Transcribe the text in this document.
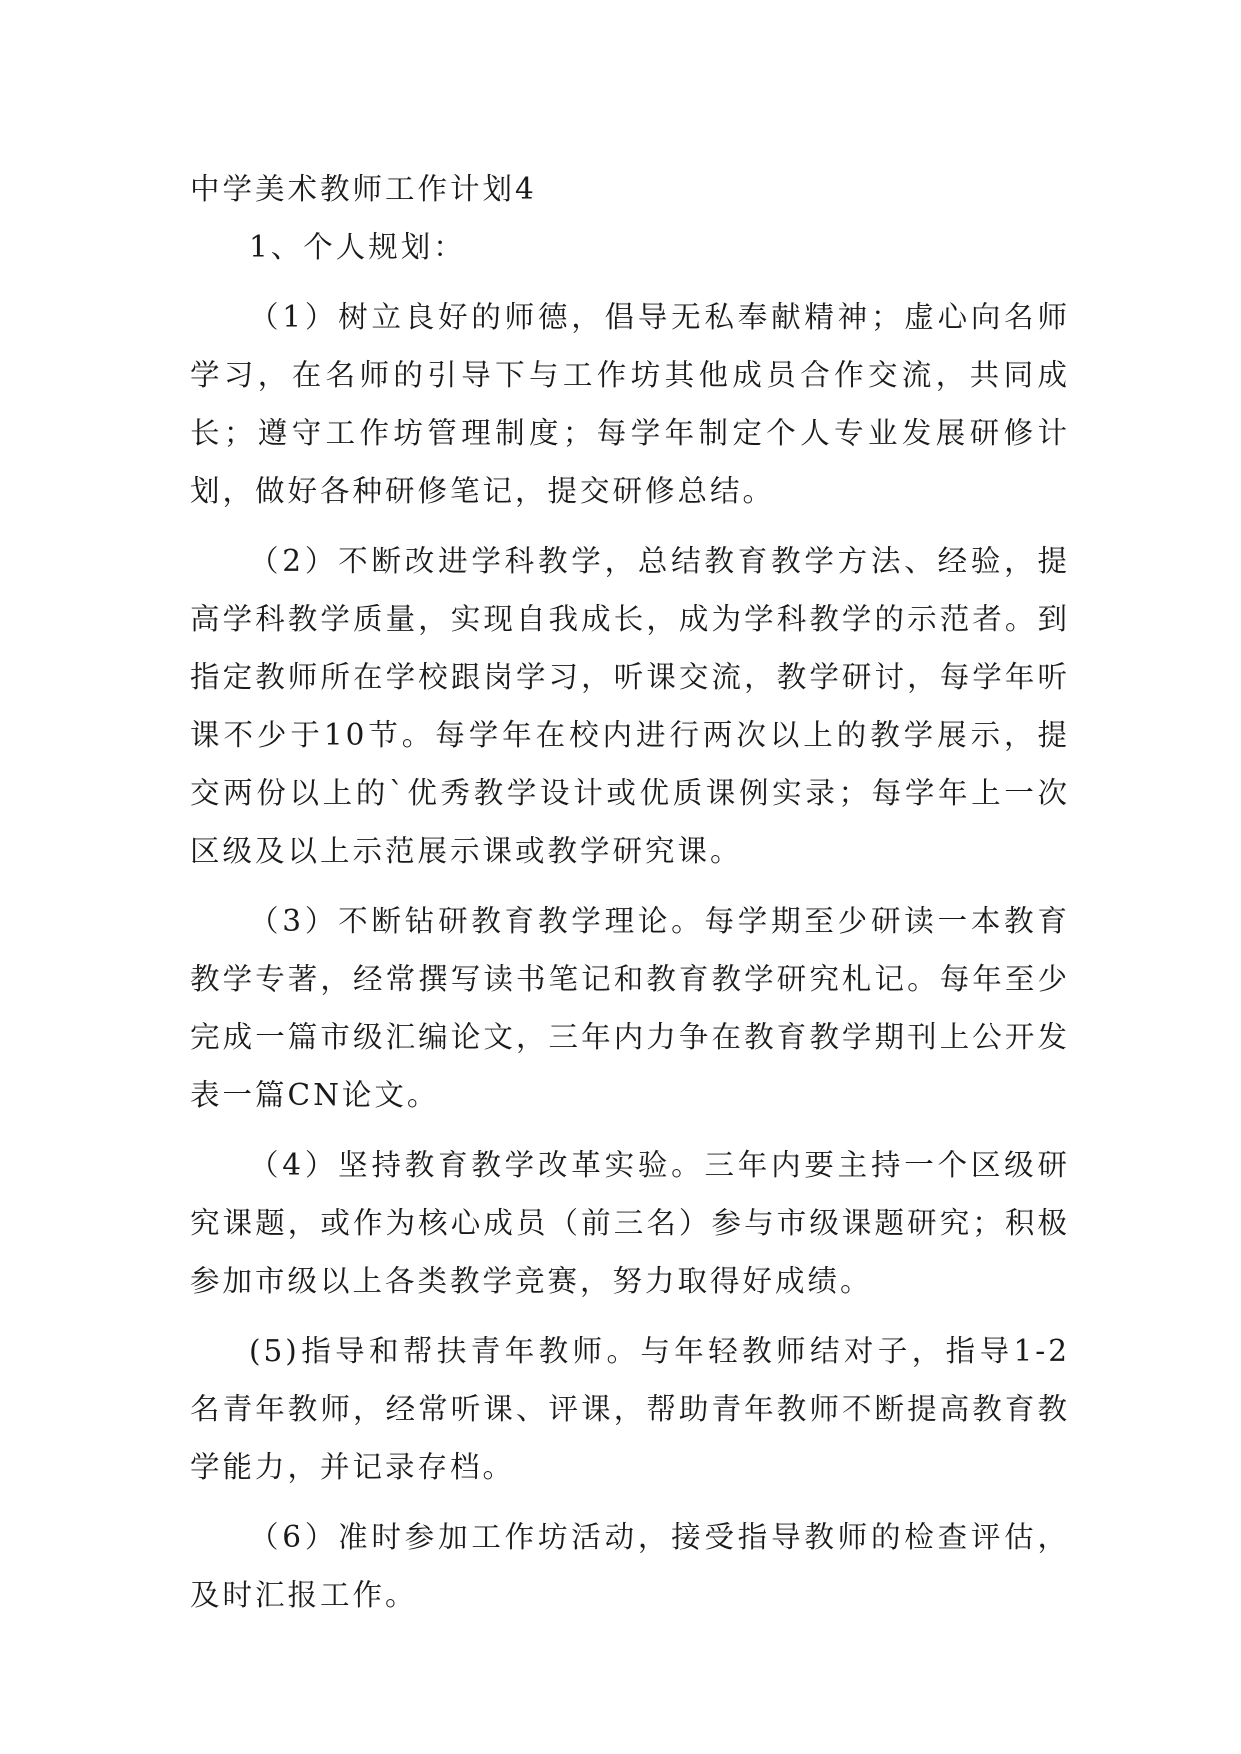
中学美术教师工作计划4

1、个人规划：

（1）树立良好的师德，倡导无私奉献精神；虚心向名师学习，在名师的引导下与工作坊其他成员合作交流，共同成长；遵守工作坊管理制度；每学年制定个人专业发展研修计划，做好各种研修笔记，提交研修总结。

（2）不断改进学科教学，总结教育教学方法、经验，提高学科教学质量，实现自我成长，成为学科教学的示范者。到指定教师所在学校跟岗学习，听课交流，教学研讨，每学年听课不少于10节。每学年在校内进行两次以上的教学展示，提交两份以上的`优秀教学设计或优质课例实录；每学年上一次区级及以上示范展示课或教学研究课。

（3）不断钻研教育教学理论。每学期至少研读一本教育教学专著，经常撰写读书笔记和教育教学研究札记。每年至少完成一篇市级汇编论文，三年内力争在教育教学期刊上公开发表一篇CN论文。

（4）坚持教育教学改革实验。三年内要主持一个区级研究课题，或作为核心成员（前三名）参与市级课题研究；积极参加市级以上各类教学竞赛，努力取得好成绩。

(5)指导和帮扶青年教师。与年轻教师结对子，指导1-2名青年教师，经常听课、评课，帮助青年教师不断提高教育教学能力，并记录存档。

（6）准时参加工作坊活动，接受指导教师的检查评估，及时汇报工作。
